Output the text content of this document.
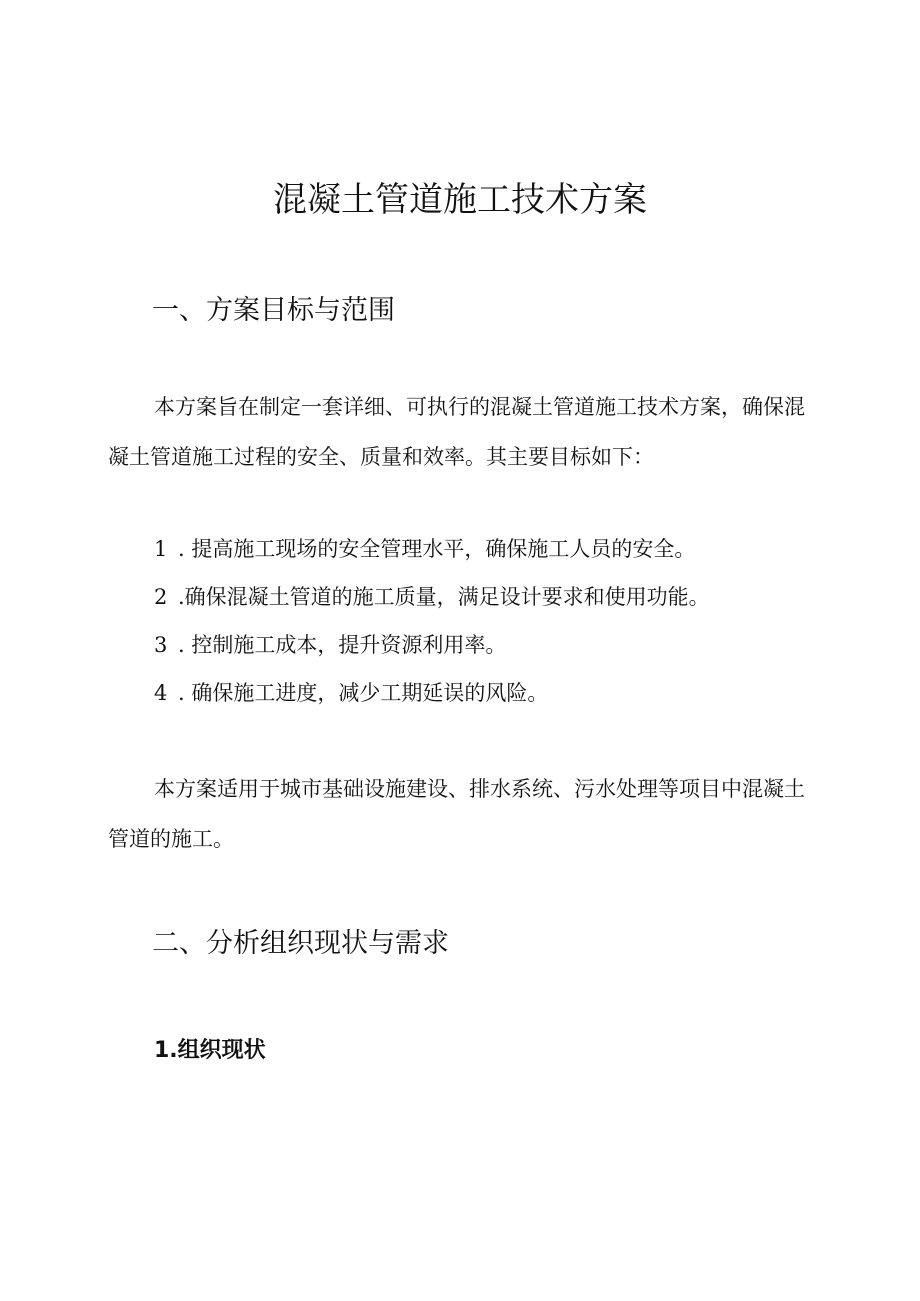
混凝土管道施工技术方案
一、方案目标与范围

本方案旨在制定一套详细、可执行的混凝土管道施工技术方案，确保混凝土管道施工过程的安全、质量和效率。其主要目标如下：

1 . 提高施工现场的安全管理水平，确保施工人员的安全。
2 .确保混凝土管道的施工质量，满足设计要求和使用功能。
3 . 控制施工成本，提升资源利用率。
4 . 确保施工进度，减少工期延误的风险。

本方案适用于城市基础设施建设、排水系统、污水处理等项目中混凝土管道的施工。

二、分析组织现状与需求
1.组织现状
